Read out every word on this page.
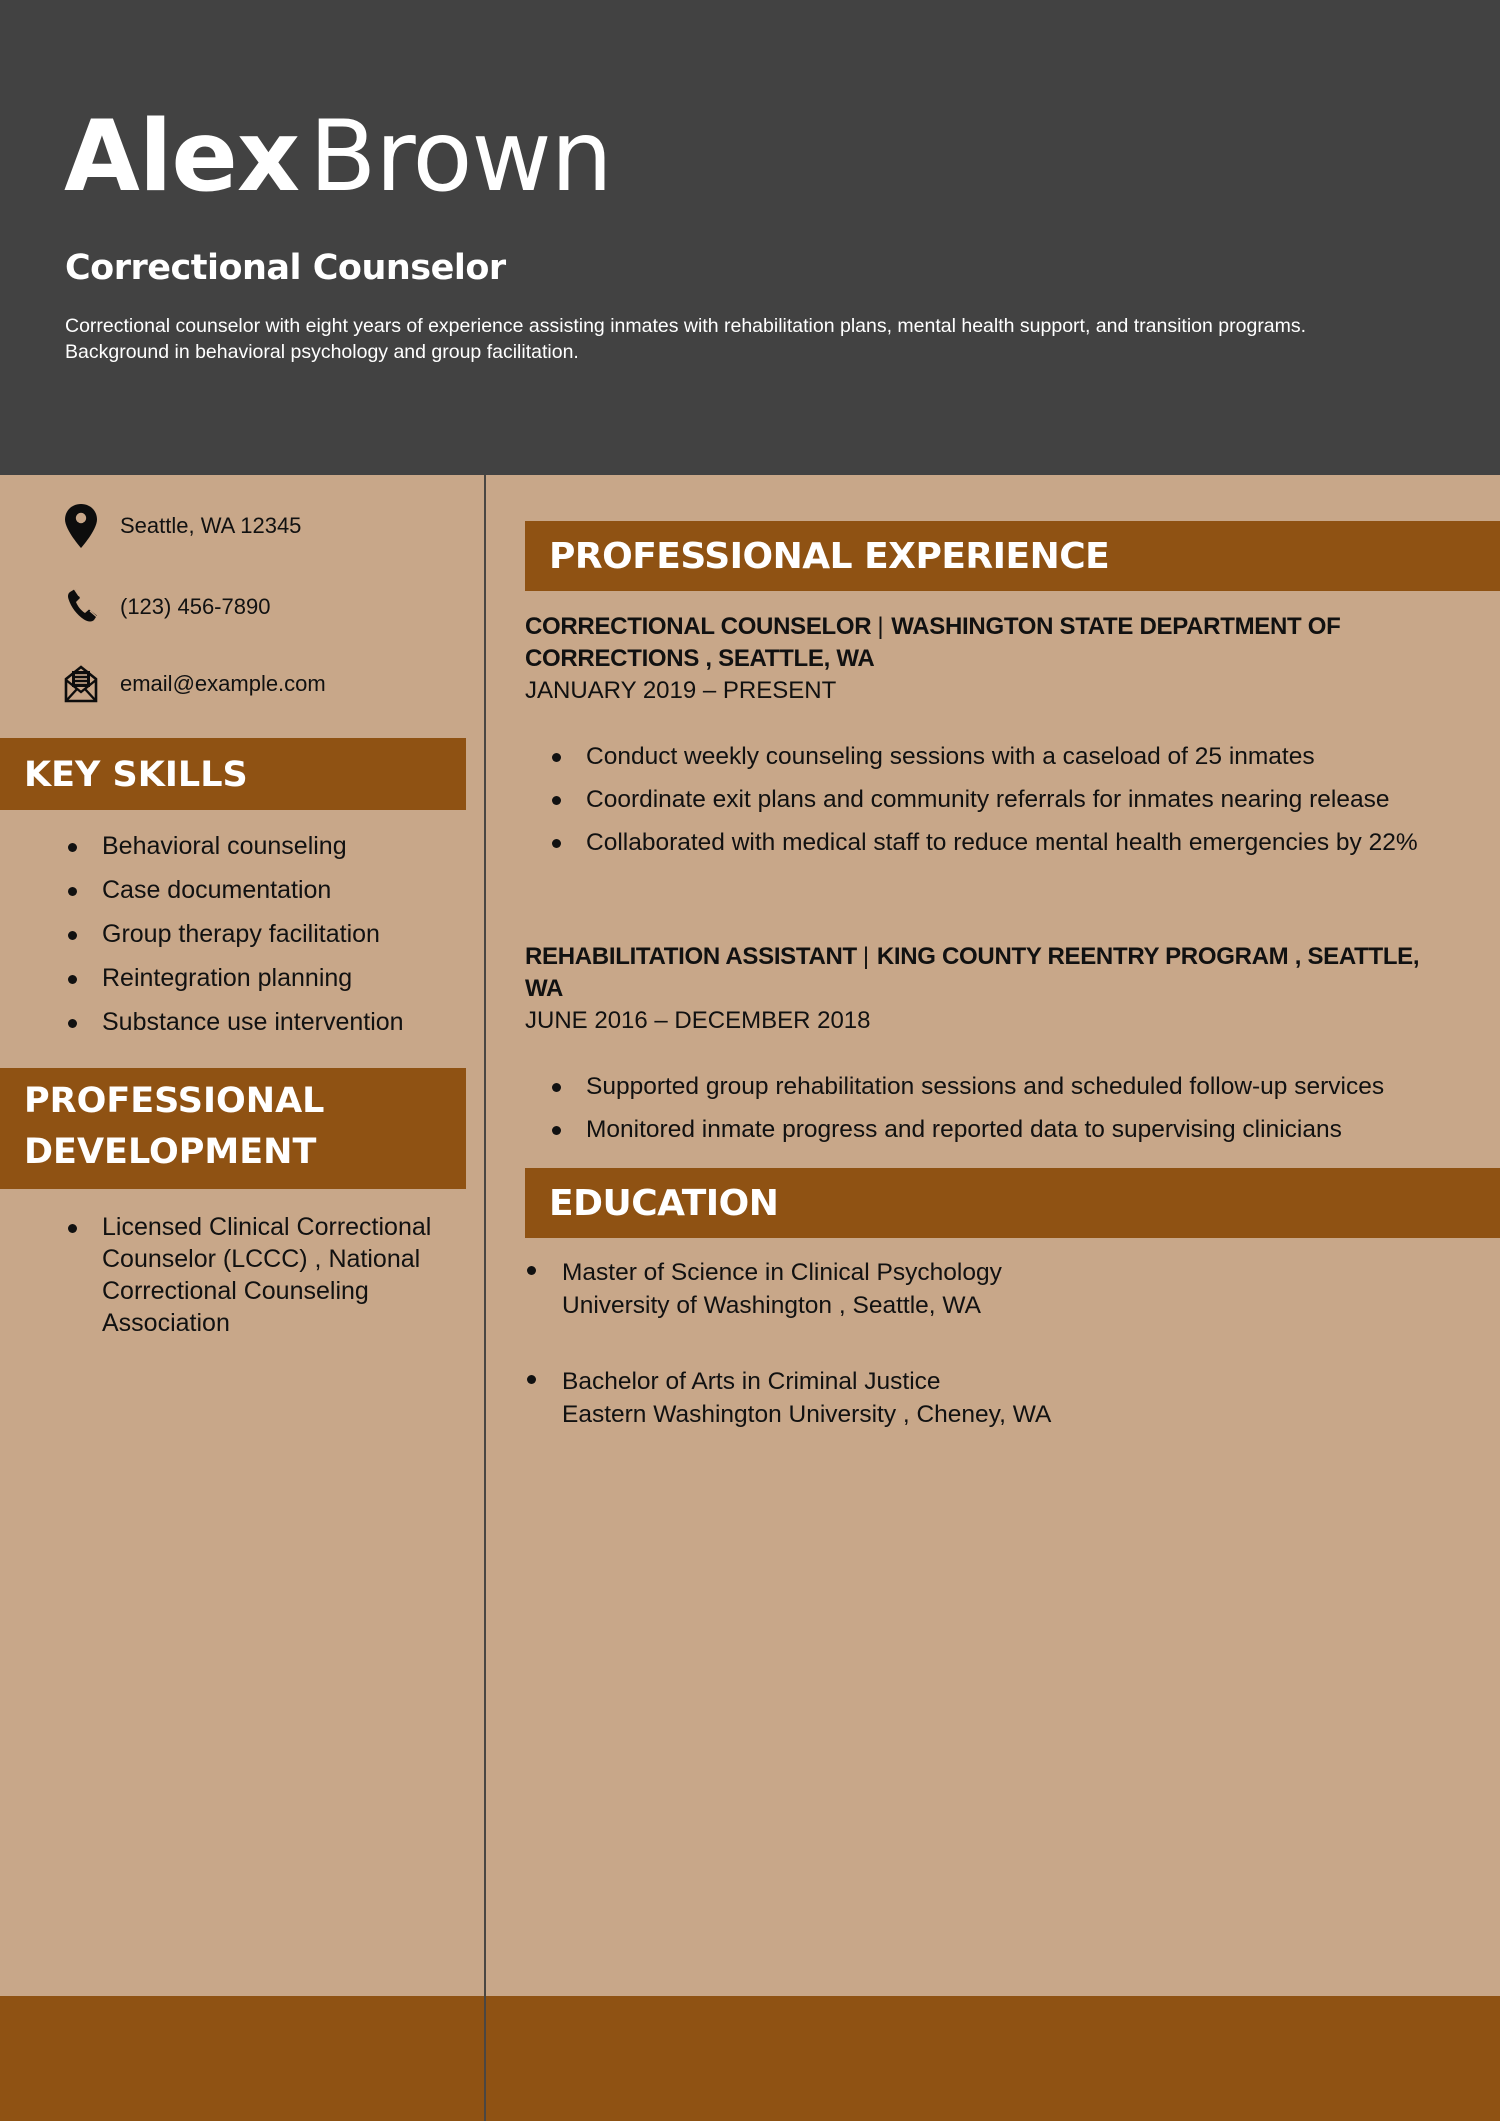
Alex Brown
Correctional Counselor
Correctional counselor with eight years of experience assisting inmates with rehabilitation plans, mental health support, and transition programs. Background in behavioral psychology and group facilitation.
Seattle, WA 12345
(123) 456-7890
email@example.com
KEY SKILLS
Behavioral counseling
Case documentation
Group therapy facilitation
Reintegration planning
Substance use intervention
PROFESSIONAL
DEVELOPMENT
Licensed Clinical Correctional Counselor (LCCC) , National Correctional Counseling Association
PROFESSIONAL EXPERIENCE
CORRECTIONAL COUNSELOR | WASHINGTON STATE DEPARTMENT OF CORRECTIONS , SEATTLE, WA
JANUARY 2019 – PRESENT
Conduct weekly counseling sessions with a caseload of 25 inmates
Coordinate exit plans and community referrals for inmates nearing release
Collaborated with medical staff to reduce mental health emergencies by 22%
REHABILITATION ASSISTANT | KING COUNTY REENTRY PROGRAM , SEATTLE, WA
JUNE 2016 – DECEMBER 2018
Supported group rehabilitation sessions and scheduled follow-up services
Monitored inmate progress and reported data to supervising clinicians
EDUCATION
Master of Science in Clinical Psychology
University of Washington , Seattle, WA
Bachelor of Arts in Criminal Justice
Eastern Washington University , Cheney, WA
